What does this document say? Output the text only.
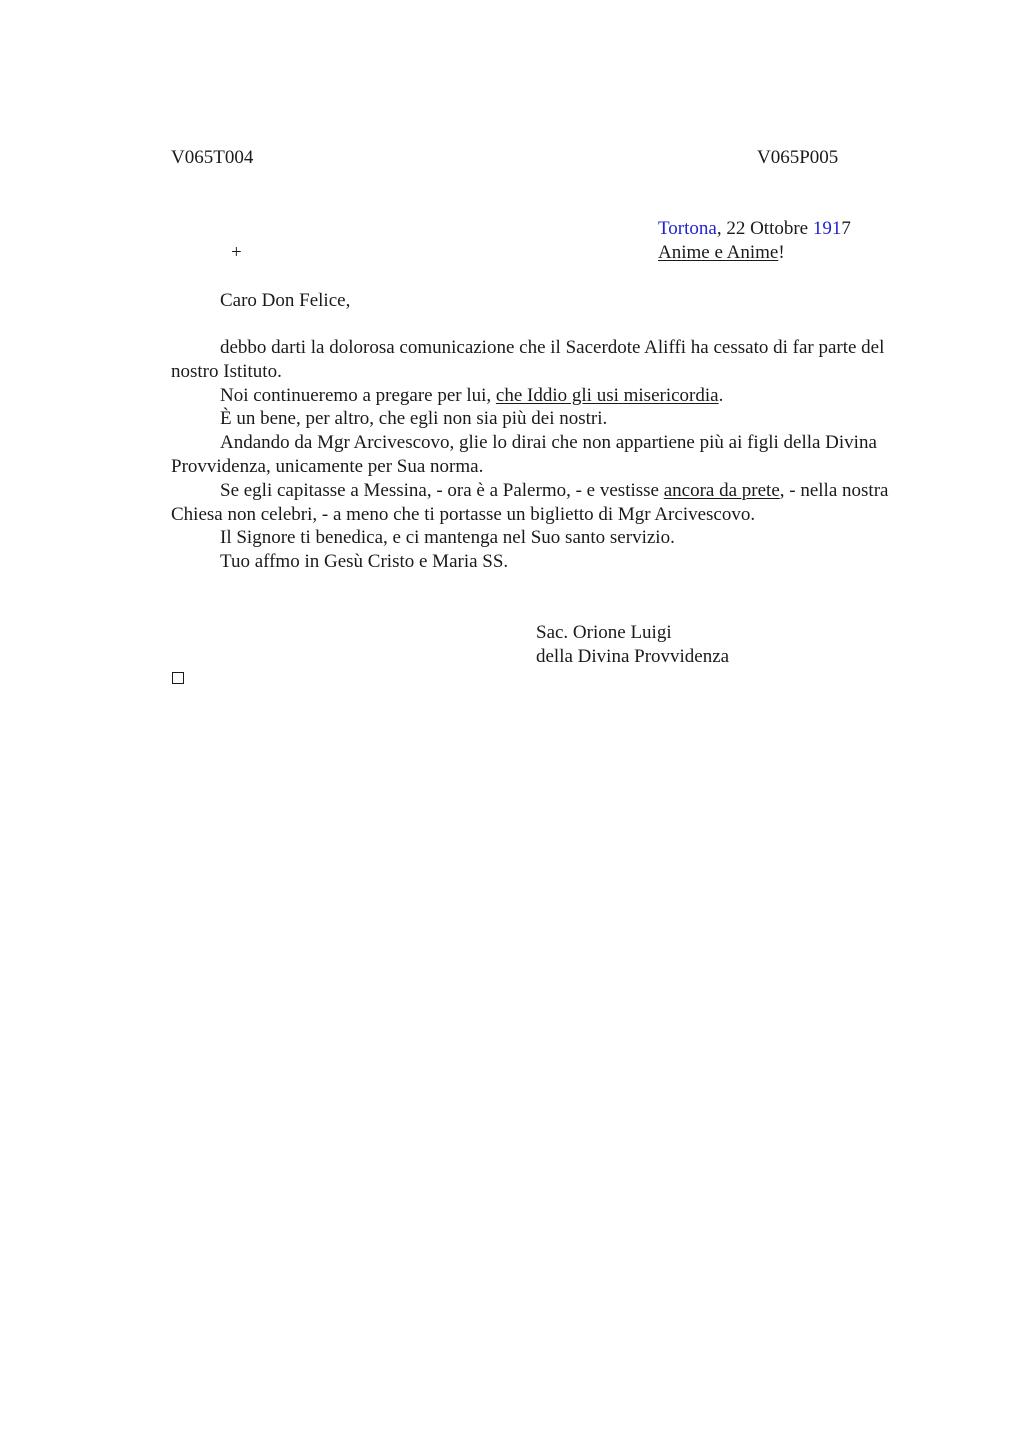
V065T004	V065P005
Tortona, 22 Ottobre 1917
+	Anime e Anime!
Caro Don Felice,

debbo darti la dolorosa comunicazione che il Sacerdote Aliffi ha cessato di far parte del nostro Istituto.

Noi continueremo a pregare per lui, che Iddio gli usi misericordia.

È un bene, per altro, che egli non sia più dei nostri.

Andando da Mgr Arcivescovo, glie lo dirai che non appartiene più ai figli della Divina Provvidenza, unicamente per Sua norma.

Se egli capitasse a Messina, - ora è a Palermo, - e vestisse ancora da prete, - nella nostra Chiesa non celebri, - a meno che ti portasse un biglietto di Mgr Arcivescovo.

Il Signore ti benedica, e ci mantenga nel Suo santo servizio.

Tuo affmo in Gesù Cristo e Maria SS.

Sac. Orione Luigi
della Divina Provvidenza
